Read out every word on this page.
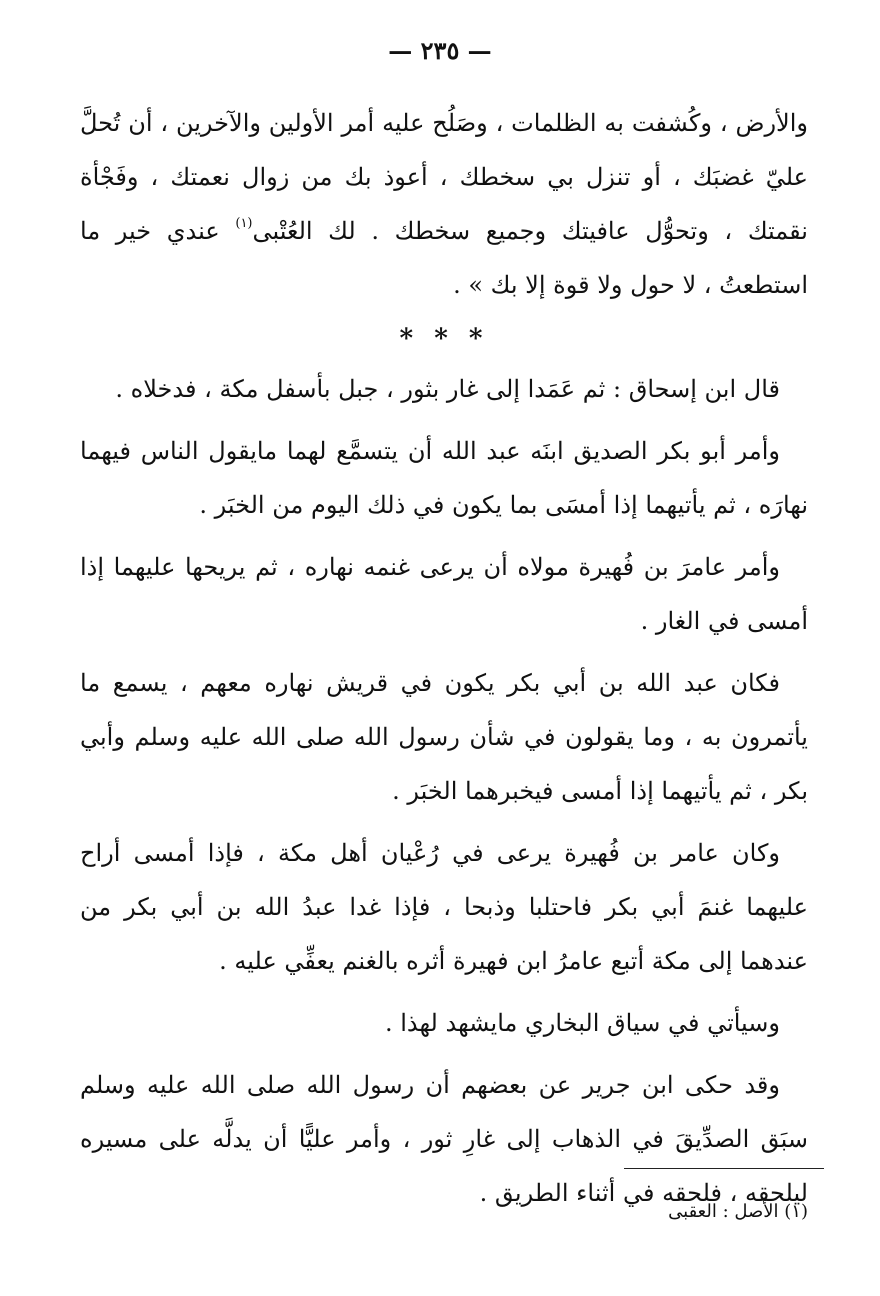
— ٢٣٥ —

والأرض ، وكُشفت به الظلمات ، وصَلُح عليه أمر الأولين والآخرين ، أن تُحلَّ عليّ غضبَك ، أو تنزل بي سخطك ، أعوذ بك من زوال نعمتك ، وفَجْأة نقمتك ، وتحوُّل عافيتك وجميع سخطك . لك العُتْبى$^{(١)}$ عندي خير ما استطعتُ ، لا حول ولا قوة إلا بك » .

* * *

قال ابن إسحاق : ثم عَمَدا إلى غار بثور ، جبل بأسفل مكة ، فدخلاه .

وأمر أبو بكر الصديق ابنَه عبد الله أن يتسمَّع لهما مايقول الناس فيهما نهارَه ، ثم يأتيهما إذا أمسَى بما يكون في ذلك اليوم من الخبَر .

وأمر عامرَ بن فُهيرة مولاه أن يرعى غنمه نهاره ، ثم يريحها عليهما إذا أمسى في الغار .

فكان عبد الله بن أبي بكر يكون في قريش نهاره معهم ، يسمع ما يأتمرون به ، وما يقولون في شأن رسول الله صلى الله عليه وسلم وأبي بكر ، ثم يأتيهما إذا أمسى فيخبرهما الخبَر .

وكان عامر بن فُهيرة يرعى في رُعْيان أهل مكة ، فإذا أمسى أراح عليهما غنمَ أبي بكر فاحتلبا وذبحا ، فإذا غدا عبدُ الله بن أبي بكر من عندهما إلى مكة أتبع عامرُ ابن فهيرة أثره بالغنم يعفِّي عليه .

وسيأتي في سياق البخاري مايشهد لهذا .

وقد حكى ابن جرير عن بعضهم أن رسول الله صلى الله عليه وسلم سبَق الصدِّيقَ في الذهاب إلى غارِ ثور ، وأمر عليًّا أن يدلَّه على مسيره ليلحقه ، فلحقه في أثناء الطريق .

(١) الأصل : العقبى
